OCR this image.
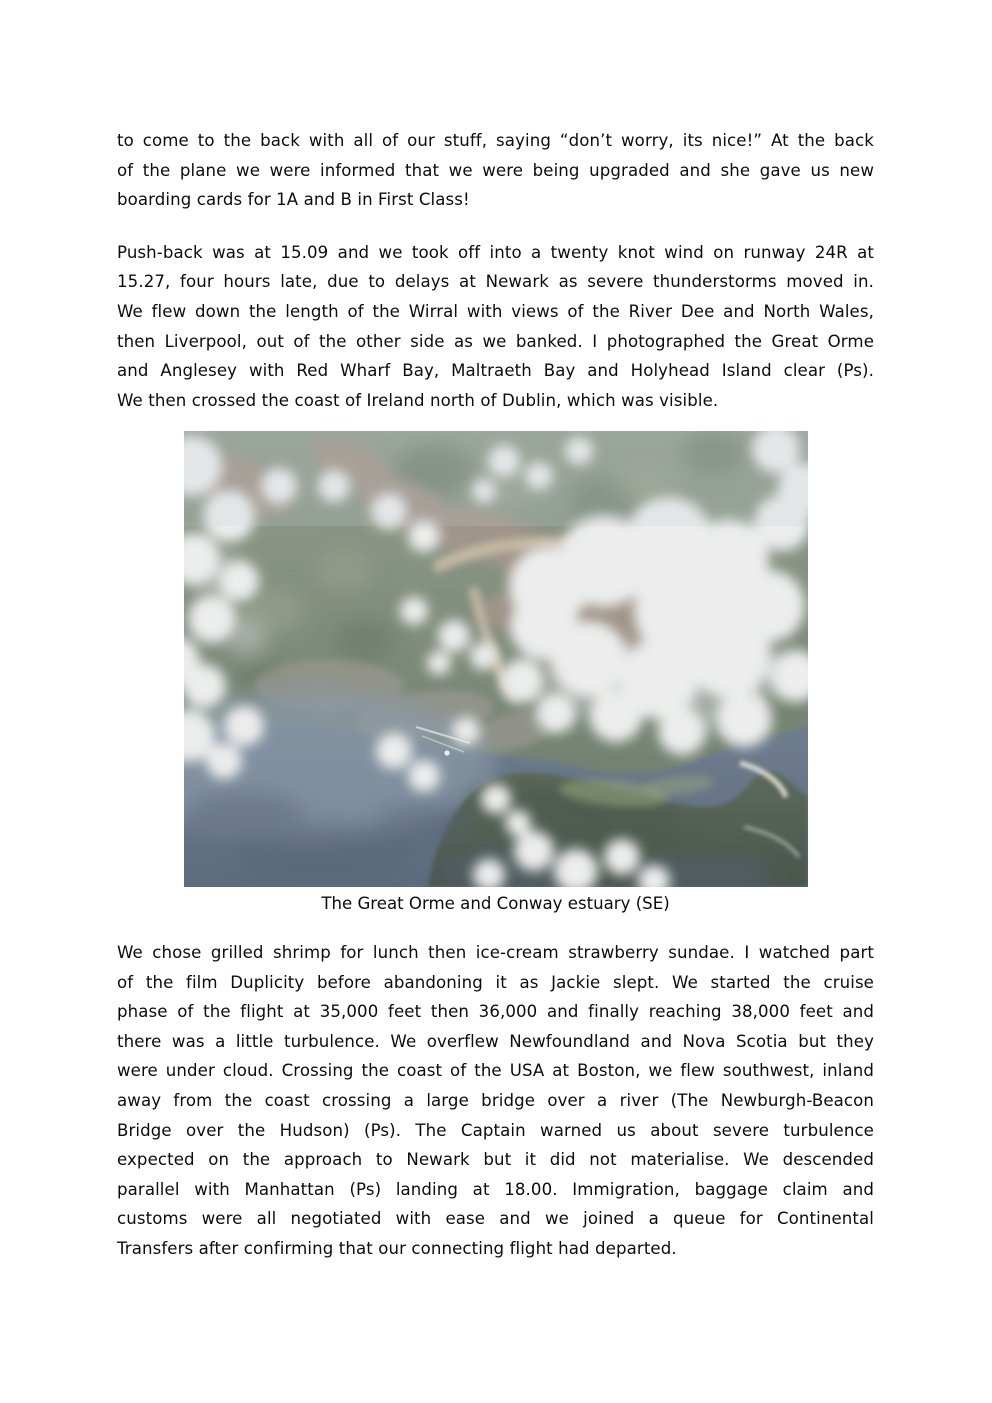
to come to the back with all of our stuff, saying “don’t worry, its nice!” At the back
of the plane we were informed that we were being upgraded and she gave us new
boarding cards for 1A and B in First Class!
Push-back was at 15.09 and we took off into a twenty knot wind on runway 24R at
15.27, four hours late, due to delays at Newark as severe thunderstorms moved in.
We flew down the length of the Wirral with views of the River Dee and North Wales,
then Liverpool, out of the other side as we banked. I photographed the Great Orme
and Anglesey with Red Wharf Bay, Maltraeth Bay and Holyhead Island clear (Ps).
We then crossed the coast of Ireland north of Dublin, which was visible.
The Great Orme and Conway estuary (SE)
We chose grilled shrimp for lunch then ice-cream strawberry sundae. I watched part
of the film Duplicity before abandoning it as Jackie slept. We started the cruise
phase of the flight at 35,000 feet then 36,000 and finally reaching 38,000 feet and
there was a little turbulence. We overflew Newfoundland and Nova Scotia but they
were under cloud. Crossing the coast of the USA at Boston, we flew southwest, inland
away from the coast crossing a large bridge over a river (The Newburgh-Beacon
Bridge over the Hudson) (Ps). The Captain warned us about severe turbulence
expected on the approach to Newark but it did not materialise. We descended
parallel with Manhattan (Ps) landing at 18.00. Immigration, baggage claim and
customs were all negotiated with ease and we joined a queue for Continental
Transfers after confirming that our connecting flight had departed.
